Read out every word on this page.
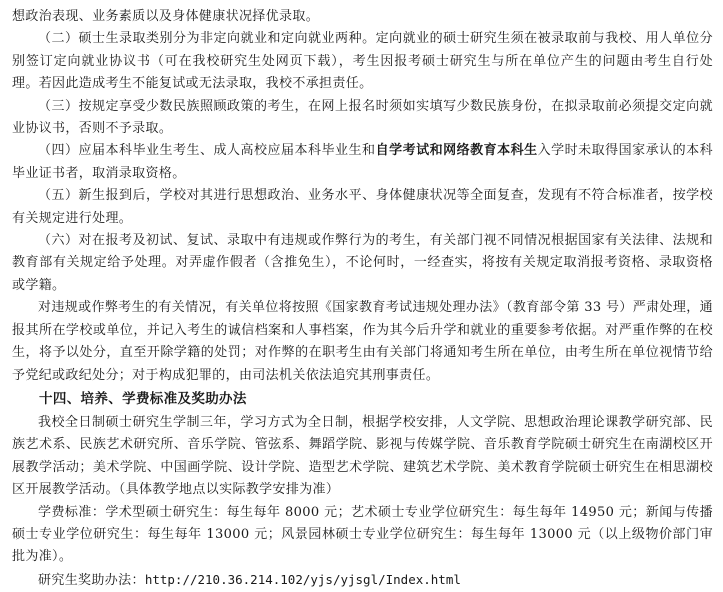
想政治表现、业务素质以及身体健康状况择优录取。

（二）硕士生录取类别分为非定向就业和定向就业两种。定向就业的硕士研究生须在被录取前与我校、用人单位分别签订定向就业协议书（可在我校研究生处网页下载），考生因报考硕士研究生与所在单位产生的问题由考生自行处理。若因此造成考生不能复试或无法录取，我校不承担责任。

（三）按规定享受少数民族照顾政策的考生，在网上报名时须如实填写少数民族身份，在拟录取前必须提交定向就业协议书，否则不予录取。

（四）应届本科毕业生考生、成人高校应届本科毕业生和自学考试和网络教育本科生入学时未取得国家承认的本科毕业证书者，取消录取资格。

（五）新生报到后，学校对其进行思想政治、业务水平、身体健康状况等全面复查，发现有不符合标准者，按学校有关规定进行处理。

（六）对在报考及初试、复试、录取中有违规或作弊行为的考生，有关部门视不同情况根据国家有关法律、法规和教育部有关规定给予处理。对弄虚作假者（含推免生），不论何时，一经查实，将按有关规定取消报考资格、录取资格或学籍。

对违规或作弊考生的有关情况，有关单位将按照《国家教育考试违规处理办法》（教育部令第 33 号）严肃处理，通报其所在学校或单位，并记入考生的诚信档案和人事档案，作为其今后升学和就业的重要参考依据。对严重作弊的在校生，将予以处分，直至开除学籍的处罚；对作弊的在职考生由有关部门将通知考生所在单位，由考生所在单位视情节给予党纪或政纪处分；对于构成犯罪的，由司法机关依法追究其刑事责任。

十四、培养、学费标准及奖助办法

我校全日制硕士研究生学制三年，学习方式为全日制，根据学校安排，人文学院、思想政治理论课教学研究部、民族艺术系、民族艺术研究所、音乐学院、管弦系、舞蹈学院、影视与传媒学院、音乐教育学院硕士研究生在南湖校区开展教学活动；美术学院、中国画学院、设计学院、造型艺术学院、建筑艺术学院、美术教育学院硕士研究生在相思湖校区开展教学活动。（具体教学地点以实际教学安排为准）

学费标准：学术型硕士研究生：每生每年 8000 元；艺术硕士专业学位研究生：每生每年 14950 元；新闻与传播硕士专业学位研究生：每生每年 13000 元；风景园林硕士专业学位研究生：每生每年 13000 元（以上级物价部门审批为准）。

研究生奖助办法：http://210.36.214.102/yjs/yjsgl/Index.html
